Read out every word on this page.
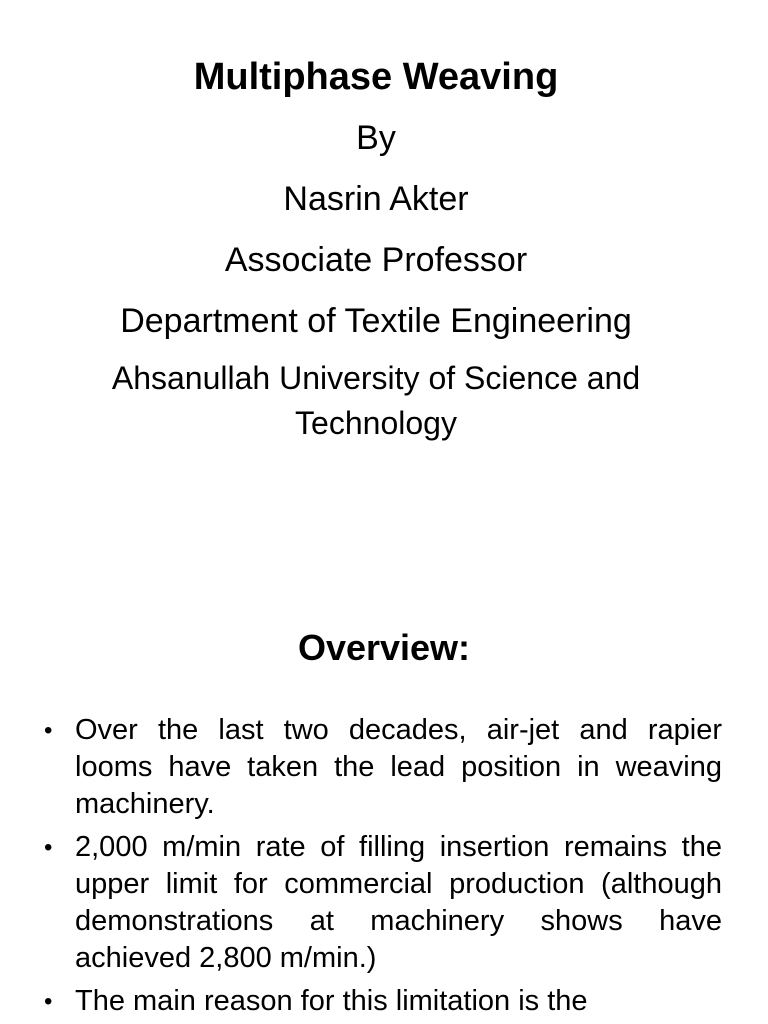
Multiphase Weaving

By

Nasrin Akter

Associate Professor

Department of Textile Engineering

Ahsanullah University of Science and
Technology

Overview:
• Over the last two decades, air-jet and rapier looms have taken the lead position in weaving machinery.
• 2,000 m/min rate of filling insertion remains the upper limit for commercial production (although demonstrations at machinery shows have achieved 2,800 m/min.)
• The main reason for this limitation is the
